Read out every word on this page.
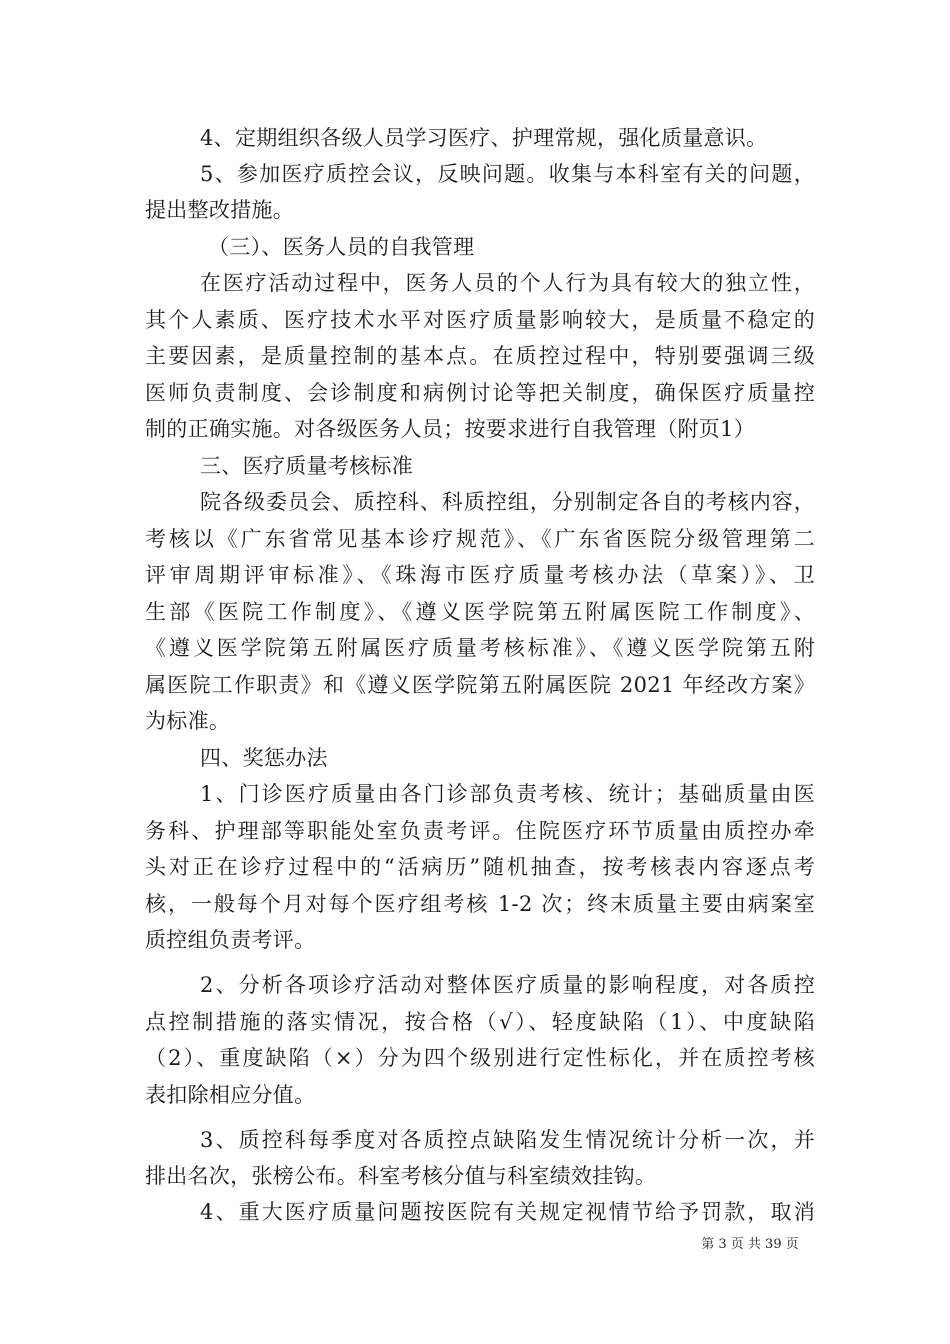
4、定期组织各级人员学习医疗、护理常规，强化质量意识。
5、参加医疗质控会议，反映问题。收集与本科室有关的问题，
提出整改措施。
（三）、医务人员的自我管理
在医疗活动过程中，医务人员的个人行为具有较大的独立性，
其个人素质、医疗技术水平对医疗质量影响较大，是质量不稳定的
主要因素，是质量控制的基本点。在质控过程中，特别要强调三级
医师负责制度、会诊制度和病例讨论等把关制度，确保医疗质量控
制的正确实施。对各级医务人员；按要求进行自我管理（附页1）
三、医疗质量考核标准
院各级委员会、质控科、科质控组，分别制定各自的考核内容，
考核以《广东省常见基本诊疗规范》、《广东省医院分级管理第二
评审周期评审标准》、《珠海市医疗质量考核办法（草案）》、卫
生部《医院工作制度》、《遵义医学院第五附属医院工作制度》、
《遵义医学院第五附属医疗质量考核标准》、《遵义医学院第五附
属医院工作职责》和《遵义医学院第五附属医院 2021 年经改方案》
为标准。
四、奖惩办法
1、门诊医疗质量由各门诊部负责考核、统计；基础质量由医
务科、护理部等职能处室负责考评。住院医疗环节质量由质控办牵
头对正在诊疗过程中的“活病历”随机抽查，按考核表内容逐点考
核，一般每个月对每个医疗组考核 1-2 次；终末质量主要由病案室
质控组负责考评。
2、分析各项诊疗活动对整体医疗质量的影响程度，对各质控
点控制措施的落实情况，按合格（√）、轻度缺陷（1）、中度缺陷
（2）、重度缺陷（×）分为四个级别进行定性标化，并在质控考核
表扣除相应分值。
3、质控科每季度对各质控点缺陷发生情况统计分析一次，并
排出名次，张榜公布。科室考核分值与科室绩效挂钩。
4、重大医疗质量问题按医院有关规定视情节给予罚款，取消
第 3 页 共 39 页
